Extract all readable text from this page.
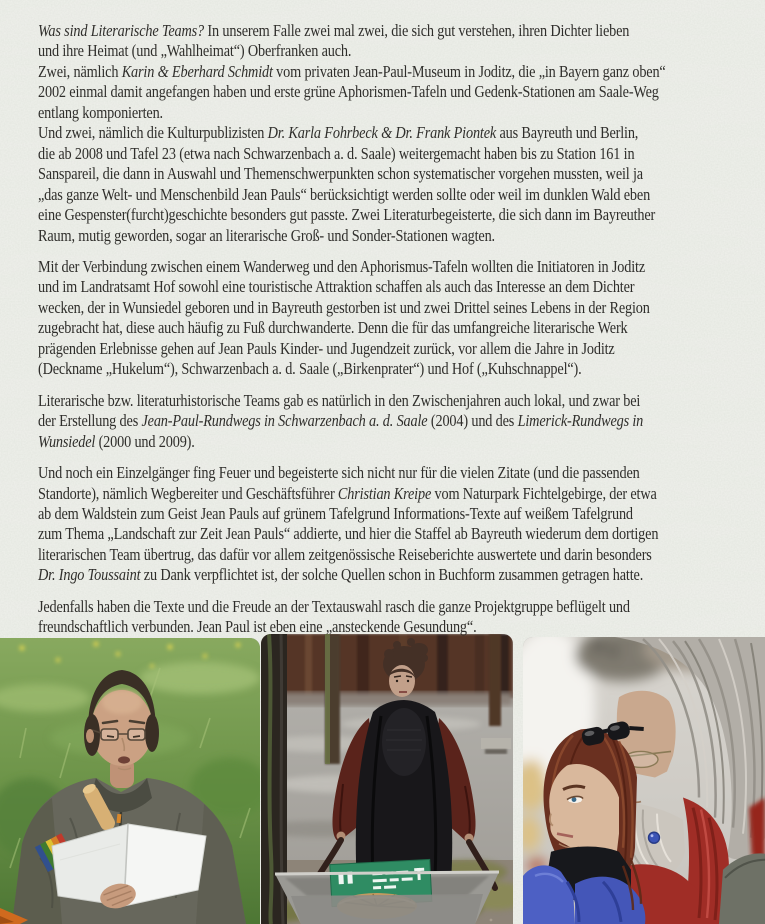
Was sind Literarische Teams? In unserem Falle zwei mal zwei, die sich gut verstehen, ihren Dichter lieben
und ihre Heimat (und „Wahlheimat“) Oberfranken auch.
Zwei, nämlich Karin & Eberhard Schmidt vom privaten Jean-Paul-Museum in Joditz, die „in Bayern ganz oben“
2002 einmal damit angefangen haben und erste grüne Aphorismen-Tafeln und Gedenk-Stationen am Saale-Weg
entlang komponierten.
Und zwei, nämlich die Kulturpublizisten Dr. Karla Fohrbeck & Dr. Frank Piontek aus Bayreuth und Berlin,
die ab 2008 und Tafel 23 (etwa nach Schwarzenbach a. d. Saale) weitergemacht haben bis zu Station 161 in
Sanspareil, die dann in Auswahl und Themenschwerpunkten schon systematischer vorgehen mussten, weil ja
„das ganze Welt- und Menschenbild Jean Pauls“ berücksichtigt werden sollte oder weil im dunklen Wald eben
eine Gespenster(furcht)geschichte besonders gut passte. Zwei Literaturbegeisterte, die sich dann im Bayreuther
Raum, mutig geworden, sogar an literarische Groß- und Sonder-Stationen wagten.
Mit der Verbindung zwischen einem Wanderweg und den Aphorismus-Tafeln wollten die Initiatoren in Joditz
und im Landratsamt Hof sowohl eine touristische Attraktion schaffen als auch das Interesse an dem Dichter
wecken, der in Wunsiedel geboren und in Bayreuth gestorben ist und zwei Drittel seines Lebens in der Region
zugebracht hat, diese auch häufig zu Fuß durchwanderte. Denn die für das umfangreiche literarische Werk
prägenden Erlebnisse gehen auf Jean Pauls Kinder- und Jugendzeit zurück, vor allem die Jahre in Joditz
(Deckname „Hukelum“), Schwarzenbach a. d. Saale („Birkenprater“) und Hof („Kuhschnappel“).
Literarische bzw. literaturhistorische Teams gab es natürlich in den Zwischenjahren auch lokal, und zwar bei
der Erstellung des Jean-Paul-Rundwegs in Schwarzenbach a. d. Saale (2004) und des Limerick-Rundwegs in
Wunsiedel (2000 und 2009).
Und noch ein Einzelgänger fing Feuer und begeisterte sich nicht nur für die vielen Zitate (und die passenden
Standorte), nämlich Wegbereiter und Geschäftsführer Christian Kreipe vom Naturpark Fichtelgebirge, der etwa
ab dem Waldstein zum Geist Jean Pauls auf grünem Tafelgrund Informations-Texte auf weißem Tafelgrund
zum Thema „Landschaft zur Zeit Jean Pauls“ addierte, und hier die Staffel ab Bayreuth wiederum dem dortigen
literarischen Team übertrug, das dafür vor allem zeitgenössische Reiseberichte auswertete und darin besonders
Dr. Ingo Toussaint zu Dank verpflichtet ist, der solche Quellen schon in Buchform zusammen getragen hatte.
Jedenfalls haben die Texte und die Freude an der Textauswahl rasch die ganze Projektgruppe beflügelt und
freundschaftlich verbunden. Jean Paul ist eben eine „ansteckende Gesundung“.
